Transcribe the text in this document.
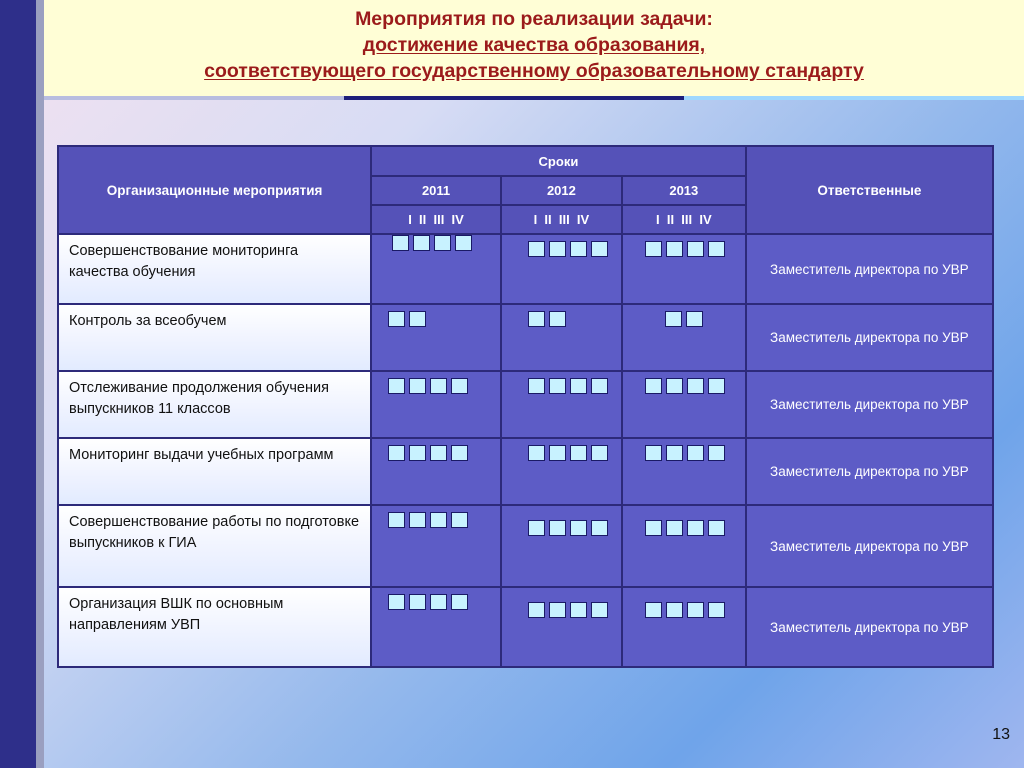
Мероприятия по реализации задачи:
достижение качества образования,
соответствующего государственному образовательному стандарту
Организационные мероприятия	Сроки			Ответственные
	2011	2012	2013	
	I  II  III  IV	I  II  III  IV	I  II  III  IV	
Совершенствование мониторинга качества обучения				Заместитель директора по УВР
Контроль за всеобучем				Заместитель директора по УВР
Отслеживание продолжения обучения выпускников 11 классов				Заместитель директора по УВР
Мониторинг выдачи учебных программ				Заместитель директора по УВР
Совершенствование работы по подготовке выпускников к ГИА				Заместитель директора по УВР
Организация ВШК по основным направлениям УВП				Заместитель директора по УВР
13
